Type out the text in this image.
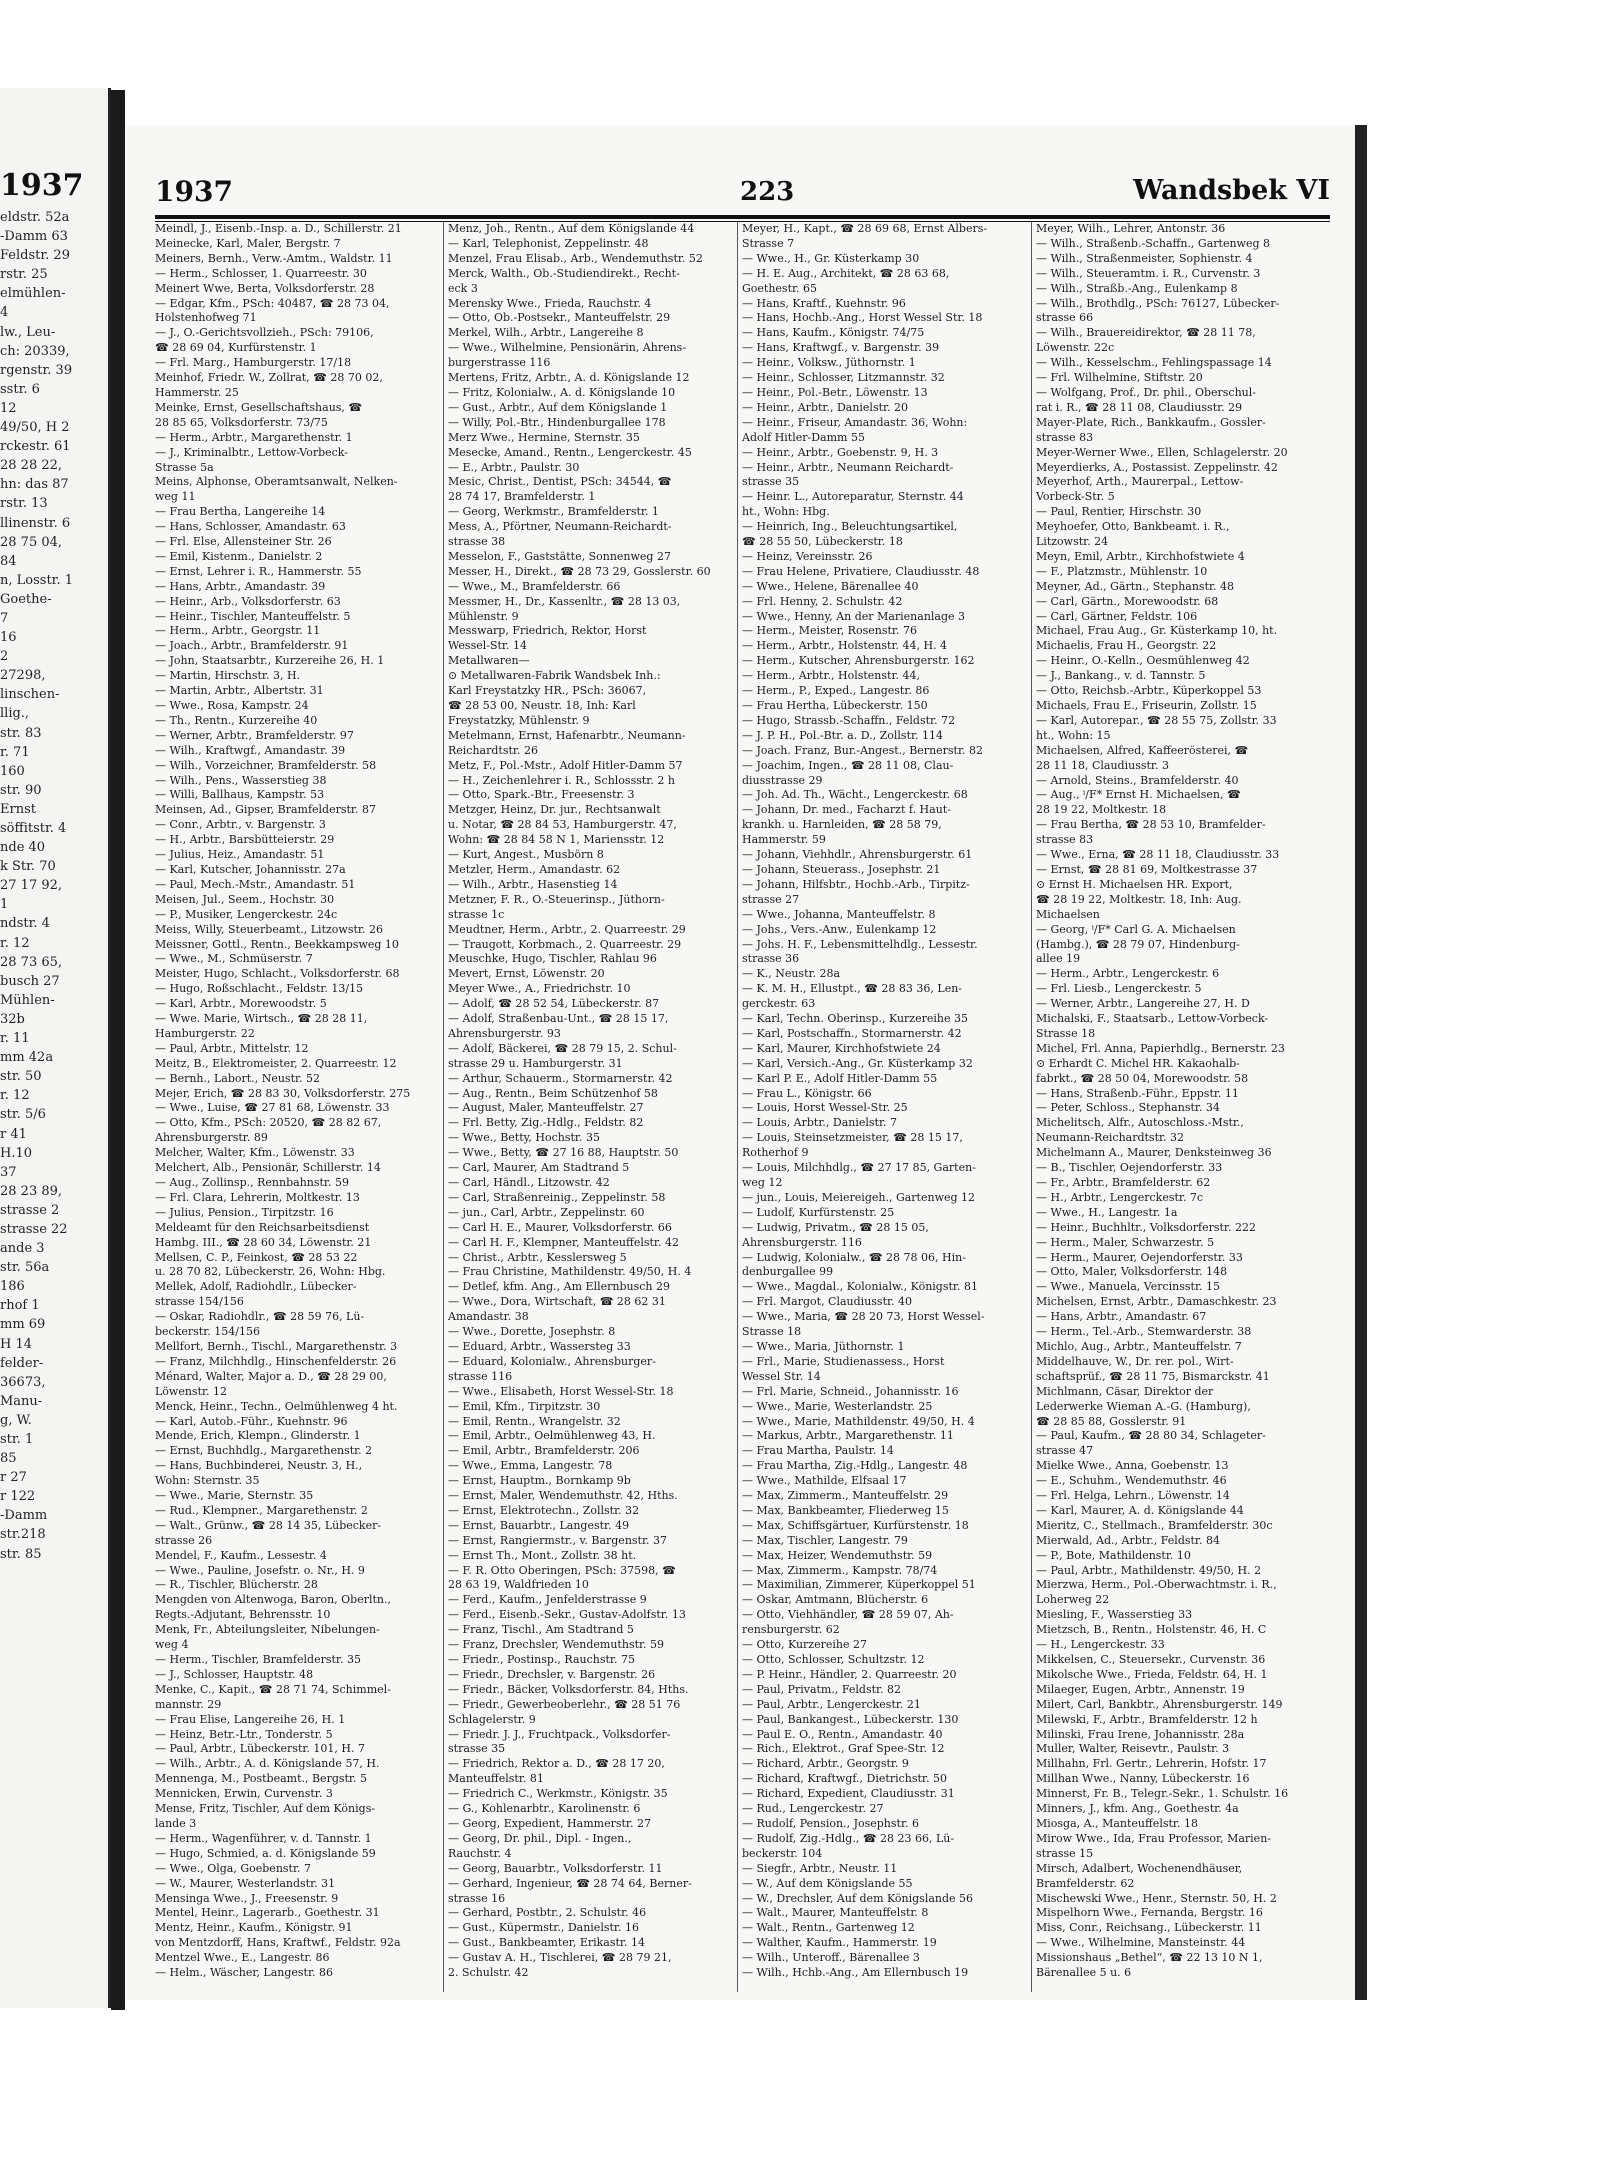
1937
eldstr. 52a
-Damm 63
Feldstr. 29
rstr. 25
elmühlen-
4
lw., Leu-
ch: 20339,
rgenstr. 39
sstr. 6
12
49/50, H 2
rckestr. 61
28 28 22,
hn: das 87
rstr. 13
llinenstr. 6
28 75 04,
84
n, Losstr. 1
Goethe-
7
16
2
27298,
linschen-
llig.,
str. 83
r. 71
160
str. 90
Ernst
söffitstr. 4
nde 40
k Str. 70
27 17 92,
1
ndstr. 4
r. 12
28 73 65,
busch 27
Mühlen-
32b
r. 11
mm 42a
str. 50
r. 12
str. 5/6
r 41
H.10
37
28 23 89,
strasse 2
strasse 22
ande 3
str. 56a
186
rhof 1
mm 69
H 14
felder-
36673,
Manu-
g, W.
str. 1
85
r 27
r 122
-Damm
str.218
str. 85
1937	223	Wandsbek VI
Meindl, J., Eisenb.-Insp. a. D., Schillerstr. 21
Meinecke, Karl, Maler, Bergstr. 7
Meiners, Bernh., Verw.-Amtm., Waldstr. 11
— Herm., Schlosser, 1. Quarreestr. 30
Meinert Wwe, Berta, Volksdorferstr. 28
— Edgar, Kfm., PSch: 40487, ☎ 28 73 04,
Holstenhofweg 71
— J., O.-Gerichtsvollzieh., PSch: 79106,
☎ 28 69 04, Kurfürstenstr. 1
— Frl. Marg., Hamburgerstr. 17/18
Meinhof, Friedr. W., Zollrat, ☎ 28 70 02,
Hammerstr. 25
Meinke, Ernst, Gesellschaftshaus, ☎
28 85 65, Volksdorferstr. 73/75
— Herm., Arbtr., Margarethenstr. 1
— J., Kriminalbtr., Lettow-Vorbeck-
Strasse 5a
Meins, Alphonse, Oberamtsanwalt, Nelken-
weg 11
— Frau Bertha, Langereihe 14
— Hans, Schlosser, Amandastr. 63
— Frl. Else, Allensteiner Str. 26
— Emil, Kistenm., Danielstr. 2
— Ernst, Lehrer i. R., Hammerstr. 55
— Hans, Arbtr., Amandastr. 39
— Heinr., Arb., Volksdorferstr. 63
— Heinr., Tischler, Manteuffelstr. 5
— Herm., Arbtr., Georgstr. 11
— Joach., Arbtr., Bramfelderstr. 91
— John, Staatsarbtr., Kurzereihe 26, H. 1
— Martin, Hirschstr. 3, H.
— Martin, Arbtr., Albertstr. 31
— Wwe., Rosa, Kampstr. 24
— Th., Rentn., Kurzereihe 40
— Werner, Arbtr., Bramfelderstr. 97
— Wilh., Kraftwgf., Amandastr. 39
— Wilh., Vorzeichner, Bramfelderstr. 58
— Wilh., Pens., Wasserstieg 38
— Willi, Ballhaus, Kampstr. 53
Meinsen, Ad., Gipser, Bramfelderstr. 87
— Conr., Arbtr., v. Bargenstr. 3
— H., Arbtr., Barsbütteierstr. 29
— Julius, Heiz., Amandastr. 51
— Karl, Kutscher, Johannisstr. 27a
— Paul, Mech.-Mstr., Amandastr. 51
Meisen, Jul., Seem., Hochstr. 30
— P., Musiker, Lengerckestr. 24c
Meiss, Willy, Steuerbeamt., Litzowstr. 26
Meissner, Gottl., Rentn., Beekkampsweg 10
— Wwe., M., Schmüserstr. 7
Meister, Hugo, Schlacht., Volksdorferstr. 68
— Hugo, Roßschlacht., Feldstr. 13/15
— Karl, Arbtr., Morewoodstr. 5
— Wwe. Marie, Wirtsch., ☎ 28 28 11,
Hamburgerstr. 22
— Paul, Arbtr., Mittelstr. 12
Meitz, B., Elektromeister, 2. Quarreestr. 12
— Bernh., Labort., Neustr. 52
Mejer, Erich, ☎ 28 83 30, Volksdorferstr. 275
— Wwe., Luise, ☎ 27 81 68, Löwenstr. 33
— Otto, Kfm., PSch: 20520, ☎ 28 82 67,
Ahrensburgerstr. 89
Melcher, Walter, Kfm., Löwenstr. 33
Melchert, Alb., Pensionär, Schillerstr. 14
— Aug., Zollinsp., Rennbahnstr. 59
— Frl. Clara, Lehrerin, Moltkestr. 13
— Julius, Pension., Tirpitzstr. 16
Meldeamt für den Reichsarbeitsdienst
Hambg. III., ☎ 28 60 34, Löwenstr. 21
Mellsen, C. P., Feinkost, ☎ 28 53 22
u. 28 70 82, Lübeckerstr. 26, Wohn: Hbg.
Mellek, Adolf, Radiohdlr., Lübecker-
strasse 154/156
— Oskar, Radiohdlr., ☎ 28 59 76, Lü-
beckerstr. 154/156
Mellfort, Bernh., Tischl., Margarethenstr. 3
— Franz, Milchhdlg., Hinschenfelderstr. 26
Ménard, Walter, Major a. D., ☎ 28 29 00,
Löwenstr. 12
Menck, Heinr., Techn., Oelmühlenweg 4 ht.
— Karl, Autob.-Führ., Kuehnstr. 96
Mende, Erich, Klempn., Glinderstr. 1
— Ernst, Buchhdlg., Margarethenstr. 2
— Hans, Buchbinderei, Neustr. 3, H.,
Wohn: Sternstr. 35
— Wwe., Marie, Sternstr. 35
— Rud., Klempner., Margarethenstr. 2
— Walt., Grünw., ☎ 28 14 35, Lübecker-
strasse 26
Mendel, F., Kaufm., Lessestr. 4
— Wwe., Pauline, Josefstr. o. Nr., H. 9
— R., Tischler, Blücherstr. 28
Mengden von Altenwoga, Baron, Oberltn.,
Regts.-Adjutant, Behrensstr. 10
Menk, Fr., Abteilungsleiter, Nibelungen-
weg 4
— Herm., Tischler, Bramfelderstr. 35
— J., Schlosser, Hauptstr. 48
Menke, C., Kapit., ☎ 28 71 74, Schimmel-
mannstr. 29
— Frau Elise, Langereihe 26, H. 1
— Heinz, Betr.-Ltr., Tonderstr. 5
— Paul, Arbtr., Lübeckerstr. 101, H. 7
— Wilh., Arbtr., A. d. Königslande 57, H.
Mennenga, M., Postbeamt., Bergstr. 5
Mennicken, Erwin, Curvenstr. 3
Mense, Fritz, Tischler, Auf dem Königs-
lande 3
— Herm., Wagenführer, v. d. Tannstr. 1
— Hugo, Schmied, a. d. Königslande 59
— Wwe., Olga, Goebenstr. 7
— W., Maurer, Westerlandstr. 31
Mensinga Wwe., J., Freesenstr. 9
Mentel, Heinr., Lagerarb., Goethestr. 31
Mentz, Heinr., Kaufm., Königstr. 91
von Mentzdorff, Hans, Kraftwf., Feldstr. 92a
Mentzel Wwe., E., Langestr. 86
— Helm., Wäscher, Langestr. 86
Menz, Joh., Rentn., Auf dem Königslande 44
— Karl, Telephonist, Zeppelinstr. 48
Menzel, Frau Elisab., Arb., Wendemuthstr. 52
Merck, Walth., Ob.-Studiendirekt., Recht-
eck 3
Merensky Wwe., Frieda, Rauchstr. 4
— Otto, Ob.-Postsekr., Manteuffelstr. 29
Merkel, Wilh., Arbtr., Langereihe 8
— Wwe., Wilhelmine, Pensionärin, Ahrens-
burgerstrasse 116
Mertens, Fritz, Arbtr., A. d. Königslande 12
— Fritz, Kolonialw., A. d. Königslande 10
— Gust., Arbtr., Auf dem Königslande 1
— Willy, Pol.-Btr., Hindenburgallee 178
Merz Wwe., Hermine, Sternstr. 35
Mesecke, Amand., Rentn., Lengerckestr. 45
— E., Arbtr., Paulstr. 30
Mesic, Christ., Dentist, PSch: 34544, ☎
28 74 17, Bramfelderstr. 1
— Georg, Werkmstr., Bramfelderstr. 1
Mess, A., Pförtner, Neumann-Reichardt-
strasse 38
Messelon, F., Gaststätte, Sonnenweg 27
Messer, H., Direkt., ☎ 28 73 29, Gosslerstr. 60
— Wwe., M., Bramfelderstr. 66
Messmer, H., Dr., Kassenltr., ☎ 28 13 03,
Mühlenstr. 9
Messwarp, Friedrich, Rektor, Horst
Wessel-Str. 14
Metallwaren—
⊙ Metallwaren-Fabrik Wandsbek Inh.:
Karl Freystatzky HR., PSch: 36067,
☎ 28 53 00, Neustr. 18, Inh: Karl
Freystatzky, Mühlenstr. 9
Metelmann, Ernst, Hafenarbtr., Neumann-
Reichardtstr. 26
Metz, F., Pol.-Mstr., Adolf Hitler-Damm 57
— H., Zeichenlehrer i. R., Schlossstr. 2 h
— Otto, Spark.-Btr., Freesenstr. 3
Metzger, Heinz, Dr. jur., Rechtsanwalt
u. Notar, ☎ 28 84 53, Hamburgerstr. 47,
Wohn: ☎ 28 84 58 N 1, Mariensstr. 12
— Kurt, Angest., Musbörn 8
Metzler, Herm., Amandastr. 62
— Wilh., Arbtr., Hasenstieg 14
Metzner, F. R., O.-Steuerinsp., Jüthorn-
strasse 1c
Meudtner, Herm., Arbtr., 2. Quarreestr. 29
— Traugott, Korbmach., 2. Quarreestr. 29
Meuschke, Hugo, Tischler, Rahlau 96
Mevert, Ernst, Löwenstr. 20
Meyer Wwe., A., Friedrichstr. 10
— Adolf, ☎ 28 52 54, Lübeckerstr. 87
— Adolf, Straßenbau-Unt., ☎ 28 15 17,
Ahrensburgerstr. 93
— Adolf, Bäckerei, ☎ 28 79 15, 2. Schul-
strasse 29 u. Hamburgerstr. 31
— Arthur, Schauerm., Stormarnerstr. 42
— Aug., Rentn., Beim Schützenhof 58
— August, Maler, Manteuffelstr. 27
— Frl. Betty, Zig.-Hdlg., Feldstr. 82
— Wwe., Betty, Hochstr. 35
— Wwe., Betty, ☎ 27 16 88, Hauptstr. 50
— Carl, Maurer, Am Stadtrand 5
— Carl, Händl., Litzowstr. 42
— Carl, Straßenreinig., Zeppelinstr. 58
— jun., Carl, Arbtr., Zeppelinstr. 60
— Carl H. E., Maurer, Volksdorferstr. 66
— Carl H. F., Klempner, Manteuffelstr. 42
— Christ., Arbtr., Kesslersweg 5
— Frau Christine, Mathildenstr. 49/50, H. 4
— Detlef, kfm. Ang., Am Ellernbusch 29
— Wwe., Dora, Wirtschaft, ☎ 28 62 31
Amandastr. 38
— Wwe., Dorette, Josephstr. 8
— Eduard, Arbtr., Wassersteg 33
— Eduard, Kolonialw., Ahrensburger-
strasse 116
— Wwe., Elisabeth, Horst Wessel-Str. 18
— Emil, Kfm., Tirpitzstr. 30
— Emil, Rentn., Wrangelstr. 32
— Emil, Arbtr., Oelmühlenweg 43, H.
— Emil, Arbtr., Bramfelderstr. 206
— Wwe., Emma, Langestr. 78
— Ernst, Hauptm., Bornkamp 9b
— Ernst, Maler, Wendemuthstr. 42, Hths.
— Ernst, Elektrotechn., Zollstr. 32
— Ernst, Bauarbtr., Langestr. 49
— Ernst, Rangiermstr., v. Bargenstr. 37
— Ernst Th., Mont., Zollstr. 38 ht.
— F. R. Otto Oberingen, PSch: 37598, ☎
28 63 19, Waldfrieden 10
— Ferd., Kaufm., Jenfelderstrasse 9
— Ferd., Eisenb.-Sekr., Gustav-Adolfstr. 13
— Franz, Tischl., Am Stadtrand 5
— Franz, Drechsler, Wendemuthstr. 59
— Friedr., Postinsp., Rauchstr. 75
— Friedr., Drechsler, v. Bargenstr. 26
— Friedr., Bäcker, Volksdorferstr. 84, Hths.
— Friedr., Gewerbeoberlehr., ☎ 28 51 76
Schlagelerstr. 9
— Friedr. J. J., Fruchtpack., Volksdorfer-
strasse 35
— Friedrich, Rektor a. D., ☎ 28 17 20,
Manteuffelstr. 81
— Friedrich C., Werkmstr., Königstr. 35
— G., Kohlenarbtr., Karolinenstr. 6
— Georg, Expedient, Hammerstr. 27
— Georg, Dr. phil., Dipl. - Ingen.,
Rauchstr. 4
— Georg, Bauarbtr., Volksdorferstr. 11
— Gerhard, Ingenieur, ☎ 28 74 64, Berner-
strasse 16
— Gerhard, Postbtr., 2. Schulstr. 46
— Gust., Küpermstr., Danielstr. 16
— Gust., Bankbeamter, Erikastr. 14
— Gustav A. H., Tischlerei, ☎ 28 79 21,
2. Schulstr. 42
Meyer, H., Kapt., ☎ 28 69 68, Ernst Albers-
Strasse 7
— Wwe., H., Gr. Küsterkamp 30
— H. E. Aug., Architekt, ☎ 28 63 68,
Goethestr. 65
— Hans, Kraftf., Kuehnstr. 96
— Hans, Hochb.-Ang., Horst Wessel Str. 18
— Hans, Kaufm., Königstr. 74/75
— Hans, Kraftwgf., v. Bargenstr. 39
— Heinr., Volksw., Jüthornstr. 1
— Heinr., Schlosser, Litzmannstr. 32
— Heinr., Pol.-Betr., Löwenstr. 13
— Heinr., Arbtr., Danielstr. 20
— Heinr., Friseur, Amandastr. 36, Wohn:
Adolf Hitler-Damm 55
— Heinr., Arbtr., Goebenstr. 9, H. 3
— Heinr., Arbtr., Neumann Reichardt-
strasse 35
— Heinr. L., Autoreparatur, Sternstr. 44
ht., Wohn: Hbg.
— Heinrich, Ing., Beleuchtungsartikel,
☎ 28 55 50, Lübeckerstr. 18
— Heinz, Vereinsstr. 26
— Frau Helene, Privatiere, Claudiusstr. 48
— Wwe., Helene, Bärenallee 40
— Frl. Henny, 2. Schulstr. 42
— Wwe., Henny, An der Marienanlage 3
— Herm., Meister, Rosenstr. 76
— Herm., Arbtr., Holstenstr. 44, H. 4
— Herm., Kutscher, Ahrensburgerstr. 162
— Herm., Arbtr., Holstenstr. 44,
— Herm., P., Exped., Langestr. 86
— Frau Hertha, Lübeckerstr. 150
— Hugo, Strassb.-Schaffn., Feldstr. 72
— J. P. H., Pol.-Btr. a. D., Zollstr. 114
— Joach. Franz, Bur.-Angest., Bernerstr. 82
— Joachim, Ingen., ☎ 28 11 08, Clau-
diusstrasse 29
— Joh. Ad. Th., Wächt., Lengerckestr. 68
— Johann, Dr. med., Facharzt f. Haut-
krankh. u. Harnleiden, ☎ 28 58 79,
Hammerstr. 59
— Johann, Viehhdlr., Ahrensburgerstr. 61
— Johann, Steuerass., Josephstr. 21
— Johann, Hilfsbtr., Hochb.-Arb., Tirpitz-
strasse 27
— Wwe., Johanna, Manteuffelstr. 8
— Johs., Vers.-Anw., Eulenkamp 12
— Johs. H. F., Lebensmittelhdlg., Lessestr.
strasse 36
— K., Neustr. 28a
— K. M. H., Ellustpt., ☎ 28 83 36, Len-
gerckestr. 63
— Karl, Techn. Oberinsp., Kurzereihe 35
— Karl, Postschaffn., Stormarnerstr. 42
— Karl, Maurer, Kirchhofstwiete 24
— Karl, Versich.-Ang., Gr. Küsterkamp 32
— Karl P. E., Adolf Hitler-Damm 55
— Frau L., Königstr. 66
— Louis, Horst Wessel-Str. 25
— Louis, Arbtr., Danielstr. 7
— Louis, Steinsetzmeister, ☎ 28 15 17,
Rotherhof 9
— Louis, Milchhdlg., ☎ 27 17 85, Garten-
weg 12
— jun., Louis, Meiereigeh., Gartenweg 12
— Ludolf, Kurfürstenstr. 25
— Ludwig, Privatm., ☎ 28 15 05,
Ahrensburgerstr. 116
— Ludwig, Kolonialw., ☎ 28 78 06, Hin-
denburgallee 99
— Wwe., Magdal., Kolonialw., Königstr. 81
— Frl. Margot, Claudiusstr. 40
— Wwe., Maria, ☎ 28 20 73, Horst Wessel-
Strasse 18
— Wwe., Maria, Jüthornstr. 1
— Frl., Marie, Studienassess., Horst
Wessel Str. 14
— Frl. Marie, Schneid., Johannisstr. 16
— Wwe., Marie, Westerlandstr. 25
— Wwe., Marie, Mathildenstr. 49/50, H. 4
— Markus, Arbtr., Margarethenstr. 11
— Frau Martha, Paulstr. 14
— Frau Martha, Zig.-Hdlg., Langestr. 48
— Wwe., Mathilde, Elfsaal 17
— Max, Zimmerm., Manteuffelstr. 29
— Max, Bankbeamter, Fliederweg 15
— Max, Schiffsgärtuer, Kurfürstenstr. 18
— Max, Tischler, Langestr. 79
— Max, Heizer, Wendemuthstr. 59
— Max, Zimmerm., Kampstr. 78/74
— Maximilian, Zimmerer, Küperkoppel 51
— Oskar, Amtmann, Blücherstr. 6
— Otto, Viehhändler, ☎ 28 59 07, Ah-
rensburgerstr. 62
— Otto, Kurzereihe 27
— Otto, Schlosser, Schultzstr. 12
— P. Heinr., Händler, 2. Quarreestr. 20
— Paul, Privatm., Feldstr. 82
— Paul, Arbtr., Lengerckestr. 21
— Paul, Bankangest., Lübeckerstr. 130
— Paul E. O., Rentn., Amandastr. 40
— Rich., Elektrot., Graf Spee-Str. 12
— Richard, Arbtr., Georgstr. 9
— Richard, Kraftwgf., Dietrichstr. 50
— Richard, Expedient, Claudiusstr. 31
— Rud., Lengerckestr. 27
— Rudolf, Pension., Josephstr. 6
— Rudolf, Zig.-Hdlg., ☎ 28 23 66, Lü-
beckerstr. 104
— Siegfr., Arbtr., Neustr. 11
— W., Auf dem Königslande 55
— W., Drechsler, Auf dem Königslande 56
— Walt., Maurer, Manteuffelstr. 8
— Walt., Rentn., Gartenweg 12
— Walther, Kaufm., Hammerstr. 19
— Wilh., Unteroff., Bärenallee 3
— Wilh., Hchb.-Ang., Am Ellernbusch 19
Meyer, Wilh., Lehrer, Antonstr. 36
— Wilh., Straßenb.-Schaffn., Gartenweg 8
— Wilh., Straßenmeister, Sophienstr. 4
— Wilh., Steueramtm. i. R., Curvenstr. 3
— Wilh., Straßb.-Ang., Eulenkamp 8
— Wilh., Brothdlg., PSch: 76127, Lübecker-
strasse 66
— Wilh., Brauereidirektor, ☎ 28 11 78,
Löwenstr. 22c
— Wilh., Kesselschm., Fehlingspassage 14
— Frl. Wilhelmine, Stiftstr. 20
— Wolfgang, Prof., Dr. phil., Oberschul-
rat i. R., ☎ 28 11 08, Claudiusstr. 29
Mayer-Plate, Rich., Bankkaufm., Gossler-
strasse 83
Meyer-Werner Wwe., Ellen, Schlagelerstr. 20
Meyerdierks, A., Postassist. Zeppelinstr. 42
Meyerhof, Arth., Maurerpal., Lettow-
Vorbeck-Str. 5
— Paul, Rentier, Hirschstr. 30
Meyhoefer, Otto, Bankbeamt. i. R.,
Litzowstr. 24
Meyn, Emil, Arbtr., Kirchhofstwiete 4
— F., Platzmstr., Mühlenstr. 10
Meyner, Ad., Gärtn., Stephanstr. 48
— Carl, Gärtn., Morewoodstr. 68
— Carl, Gärtner, Feldstr. 106
Michael, Frau Aug., Gr. Küsterkamp 10, ht.
Michaelis, Frau H., Georgstr. 22
— Heinr., O.-Kelln., Oesmühlenweg 42
— J., Bankang., v. d. Tannstr. 5
— Otto, Reichsb.-Arbtr., Küperkoppel 53
Michaels, Frau E., Friseurin, Zollstr. 15
— Karl, Autorepar., ☎ 28 55 75, Zollstr. 33
ht., Wohn: 15
Michaelsen, Alfred, Kaffeerösterei, ☎
28 11 18, Claudiusstr. 3
— Arnold, Steins., Bramfelderstr. 40
— Aug., ⁱ/F* Ernst H. Michaelsen, ☎
28 19 22, Moltkestr. 18
— Frau Bertha, ☎ 28 53 10, Bramfelder-
strasse 83
— Wwe., Erna, ☎ 28 11 18, Claudiusstr. 33
— Ernst, ☎ 28 81 69, Moltkestrasse 37
⊙ Ernst H. Michaelsen HR. Export,
☎ 28 19 22, Moltkestr. 18, Inh: Aug.
Michaelsen
— Georg, ⁱ/F* Carl G. A. Michaelsen
(Hambg.), ☎ 28 79 07, Hindenburg-
allee 19
— Herm., Arbtr., Lengerckestr. 6
— Frl. Liesb., Lengerckestr. 5
— Werner, Arbtr., Langereihe 27, H. D
Michalski, F., Staatsarb., Lettow-Vorbeck-
Strasse 18
Michel, Frl. Anna, Papierhdlg., Bernerstr. 23
⊙ Erhardt C. Michel HR. Kakaohalb-
fabrkt., ☎ 28 50 04, Morewoodstr. 58
— Hans, Straßenb.-Führ., Eppstr. 11
— Peter, Schloss., Stephanstr. 34
Michelitsch, Alfr., Autoschloss.-Mstr.,
Neumann-Reichardtstr. 32
Michelmann A., Maurer, Denksteinweg 36
— B., Tischler, Oejendorferstr. 33
— Fr., Arbtr., Bramfelderstr. 62
— H., Arbtr., Lengerckestr. 7c
— Wwe., H., Langestr. 1a
— Heinr., Buchhltr., Volksdorferstr. 222
— Herm., Maler, Schwarzestr. 5
— Herm., Maurer, Oejendorferstr. 33
— Otto, Maler, Volksdorferstr. 148
— Wwe., Manuela, Vercinsstr. 15
Michelsen, Ernst, Arbtr., Damaschkestr. 23
— Hans, Arbtr., Amandastr. 67
— Herm., Tel.-Arb., Stemwarderstr. 38
Michlo, Aug., Arbtr., Manteuffelstr. 7
Middelhauve, W., Dr. rer. pol., Wirt-
schaftsprüf., ☎ 28 11 75, Bismarckstr. 41
Michlmann, Cäsar, Direktor der
Lederwerke Wieman A.-G. (Hamburg),
☎ 28 85 88, Gosslerstr. 91
— Paul, Kaufm., ☎ 28 80 34, Schlageter-
strasse 47
Mielke Wwe., Anna, Goebenstr. 13
— E., Schuhm., Wendemuthstr. 46
— Frl. Helga, Lehrn., Löwenstr. 14
— Karl, Maurer, A. d. Königslande 44
Mieritz, C., Stellmach., Bramfelderstr. 30c
Mierwald, Ad., Arbtr., Feldstr. 84
— P., Bote, Mathildenstr. 10
— Paul, Arbtr., Mathildenstr. 49/50, H. 2
Mierzwa, Herm., Pol.-Oberwachtmstr. i. R.,
Loherweg 22
Miesling, F., Wasserstieg 33
Mietzsch, B., Rentn., Holstenstr. 46, H. C
— H., Lengerckestr. 33
Mikkelsen, C., Steuersekr., Curvenstr. 36
Mikolsche Wwe., Frieda, Feldstr. 64, H. 1
Milaeger, Eugen, Arbtr., Annenstr. 19
Milert, Carl, Bankbtr., Ahrensburgerstr. 149
Milewski, F., Arbtr., Bramfelderstr. 12 h
Milinski, Frau Irene, Johannisstr. 28a
Muller, Walter, Reisevtr., Paulstr. 3
Millhahn, Frl. Gertr., Lehrerin, Hofstr. 17
Millhan Wwe., Nanny, Lübeckerstr. 16
Minnerst, Fr. B., Telegr.-Sekr., 1. Schulstr. 16
Minners, J., kfm. Ang., Goethestr. 4a
Miosga, A., Manteuffelstr. 18
Mirow Wwe., Ida, Frau Professor, Marien-
strasse 15
Mirsch, Adalbert, Wochenendhäuser,
Bramfelderstr. 62
Mischewski Wwe., Henr., Sternstr. 50, H. 2
Mispelhorn Wwe., Fernanda, Bergstr. 16
Miss, Conr., Reichsang., Lübeckerstr. 11
— Wwe., Wilhelmine, Mansteinstr. 44
Missionshaus „Bethel“, ☎ 22 13 10 N 1,
Bärenallee 5 u. 6
